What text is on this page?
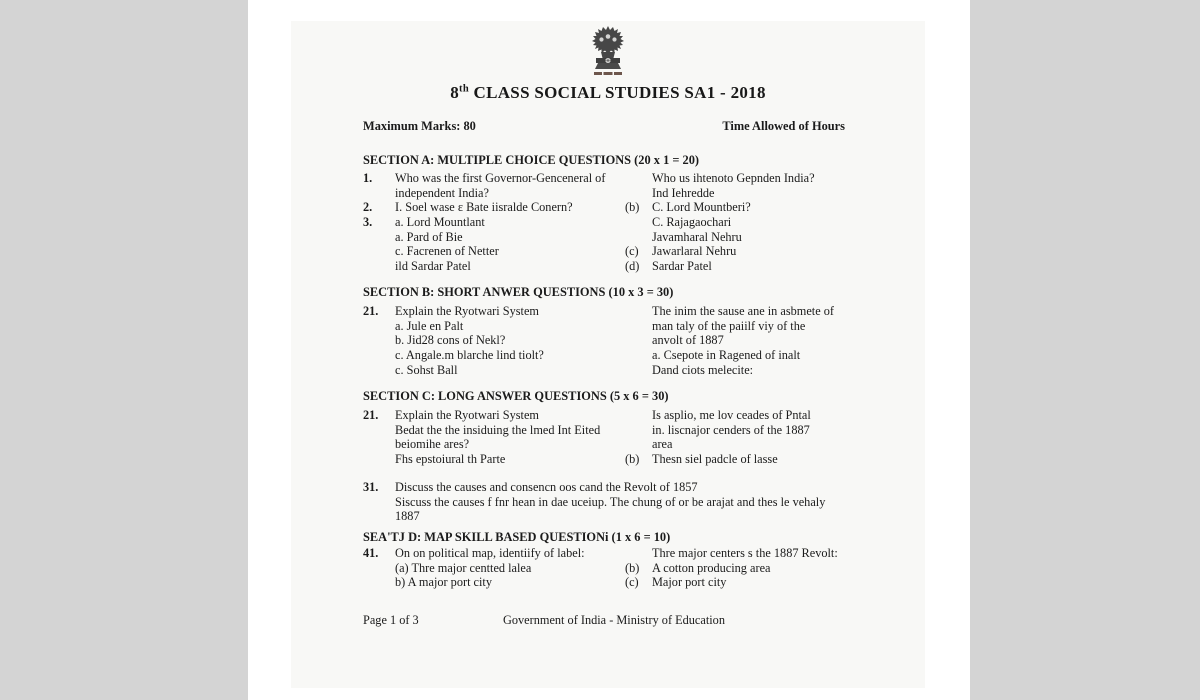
8th CLASS SOCIAL STUDIES SA1 - 2018
Maximum Marks: 80	Time Allowed of Hours
SECTION A: MULTIPLE CHOICE QUESTIONS (20 x 1 = 20)
1.	Who was the first Governor-Genceneral of	Who us ihtenoto Gepnden India?
independent India?	Ind Iehredde
2.	I. Soel wase ε Bate iisralde Conern?	(b)	C. Lord Mountberi?
3.	a. Lord Mountlant	C. Rajagaochari
a. Pard of Bie	Javamharal Nehru
c. Facrenen of Netter	(c)	Jawarlaral Nehru
ild Sardar Patel	(d)	Sardar Patel
SECTION B: SHORT ANWER QUESTIONS (10 x 3 = 30)
21.	Explain the Ryotwari System	The inim the sause ane in asbmete of
a. Jule en Palt	man taly of the paiilf viy of the
b. Jid28 cons of Nekl?	anvolt of 1887
c. Angale.m blarche lind tiolt?	a. Csepote in Ragened of inalt
c. Sohst Ball	Dand ciots melecite:
SECTION C: LONG ANSWER QUESTIONS (5 x 6 = 30)
21.	Explain the Ryotwari System	Is asplio, me lov ceades of Pntal
Bedat the the insiduing the lmed Int Eited	in. liscnajor cenders of the 1887
beiomihe ares?	area
Fhs epstoiural th Parte	(b)	Thesn siel padcle of lasse
31.	Discuss the causes and consencn oos cand the Revolt of 1857
Siscuss the causes f fnr hean in dae uceiup. The chung of or be arajat and thes le vehaly
1887
SEA'TJ D: MAP SKILL BASED QUESTIONi (1 x 6 = 10)
41.	On on political map, identiify of label:	Thre major centers s the 1887 Revolt:
(a) Thre major centted lalea	(b)	A cotton producing area
b) A major port city	(c)	Major port city
Page 1 of 3	Government of India - Ministry of Education
